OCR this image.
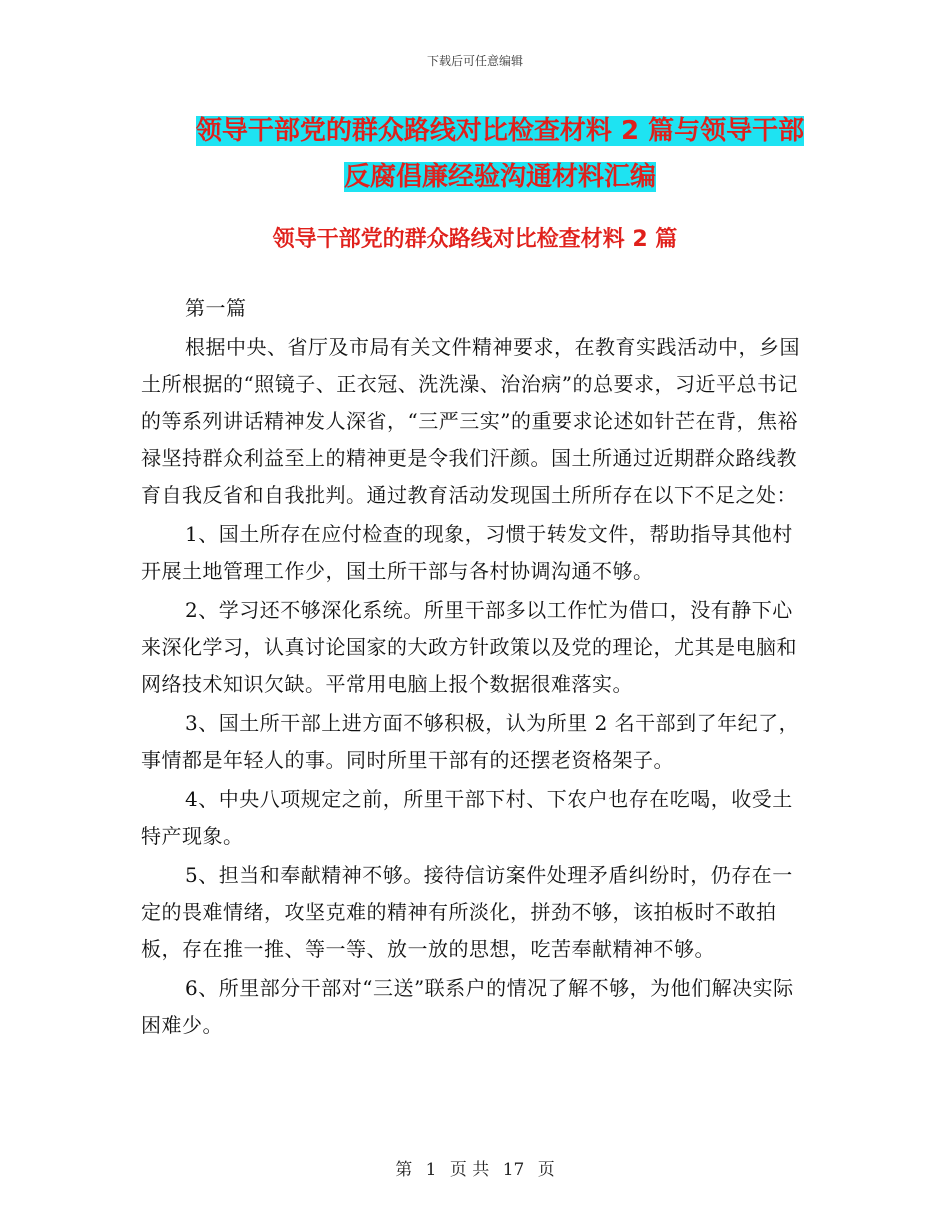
下载后可任意编辑
领导干部党的群众路线对比检查材料 2 篇与领导干部
反腐倡廉经验沟通材料汇编
领导干部党的群众路线对比检查材料 2 篇

第一篇

根据中央、省厅及市局有关文件精神要求，在教育实践活动中，乡国土所根据的“照镜子、正衣冠、洗洗澡、治治病”的总要求，习近平总书记的等系列讲话精神发人深省，“三严三实”的重要求论述如针芒在背，焦裕禄坚持群众利益至上的精神更是令我们汗颜。国土所通过近期群众路线教育自我反省和自我批判。通过教育活动发现国土所所存在以下不足之处：

1、国土所存在应付检查的现象，习惯于转发文件，帮助指导其他村开展土地管理工作少，国土所干部与各村协调沟通不够。

2、学习还不够深化系统。所里干部多以工作忙为借口，没有静下心来深化学习，认真讨论国家的大政方针政策以及党的理论，尤其是电脑和网络技术知识欠缺。平常用电脑上报个数据很难落实。

3、国土所干部上进方面不够积极，认为所里 2 名干部到了年纪了，事情都是年轻人的事。同时所里干部有的还摆老资格架子。

4、中央八项规定之前，所里干部下村、下农户也存在吃喝，收受土特产现象。

5、担当和奉献精神不够。接待信访案件处理矛盾纠纷时，仍存在一定的畏难情绪，攻坚克难的精神有所淡化，拼劲不够，该拍板时不敢拍板，存在推一推、等一等、放一放的思想，吃苦奉献精神不够。

6、所里部分干部对“三送”联系户的情况了解不够，为他们解决实际困难少。

第 1 页 共 17 页
